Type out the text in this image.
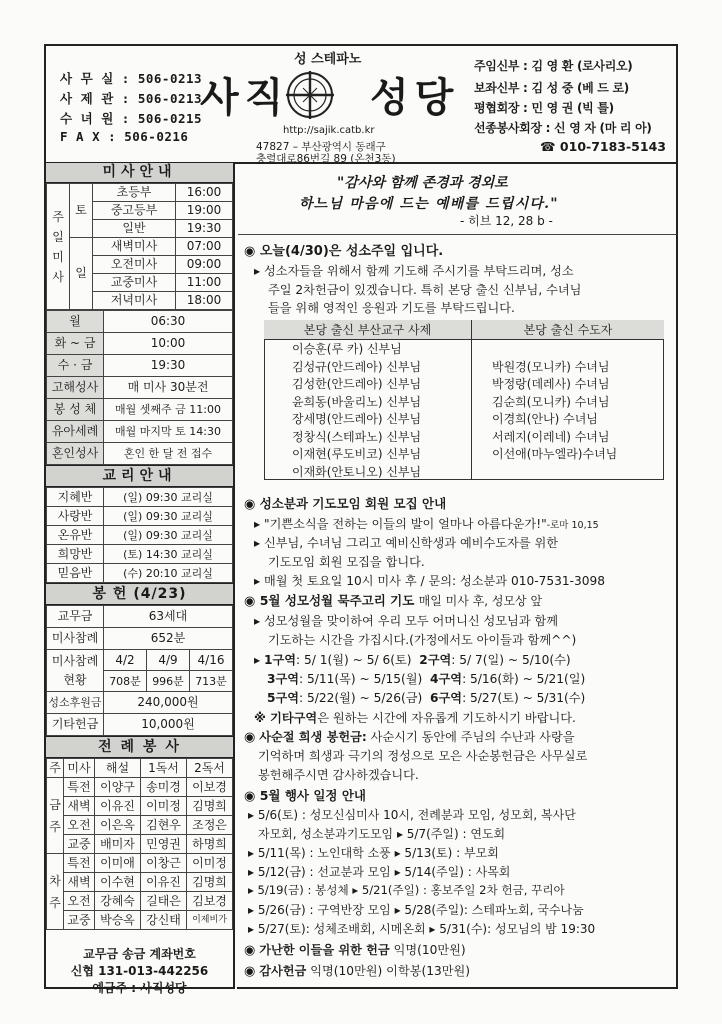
성 스테파노
사직 성당
http://sajik.catb.kr
47827 – 부산광역시 동래구
충렬대로86번길 89 (온천3동)
사 무 실 : 506-0213
사 제 관 : 506-0213
수 녀 원 : 506-0215
F A X : 506-0216
주임신부 : 김 영 환 (로사리오)
보좌신부 : 김 성 중 (베 드 로)
평협회장 : 민 영 권 (빅 틀)
선종봉사회장 : 신 영 자 (마 리 아)
☎ 010-7183-5143
미사안내
주 일 미 사	토	초등부	16:00
		중고등부	19:00
		일반	19:30
	일	새벽미사	07:00
		오전미사	09:00
		교중미사	11:00
		저녁미사	18:00
월	06:30
화 ~ 금	10:00
수 · 금	19:30
고해성사	매 미사 30분전
봉 성 체	매월 셋째주 금 11:00
유아세례	매월 마지막 토 14:30
혼인성사	혼인 한 달 전 접수
교리안내
지혜반	(일) 09:30 교리실
사랑반	(일) 09:30 교리실
온유반	(일) 09:30 교리실
희망반	(토) 14:30 교리실
믿음반	(수) 20:10 교리실
봉 헌 (4/23)
교무금	63세대		
미사참례	652분		
미사참례
현황	4/2	4/9	4/16
	708분	996분	713분
성소후원금	240,000원		
기타헌금	10,000원		
전 례 봉 사
주	미사	해설	1독서	2독서
금 주	특전	이양구	송미경	이보경
	새벽	이유진	이미정	김명희
	오전	이은옥	김현우	조정은
	교중	배미자	민영권	하명희
차 주	특전	이미애	이창근	이미정
	새벽	이수현	이유진	김명희
	오전	강혜숙	길태은	김보경
	교중	박승옥	강신태	이제비가
교무금 송금 계좌번호
신협 131-013-442256
예금주 : 사직성당
"감사와 함께 존경과 경외로
하느님 마음에 드는 예배를 드립시다."
- 히브 12, 28 b -
◉ 오늘(4/30)은 성소주일 입니다.
▸ 성소자들을 위해서 함께 기도해 주시기를 부탁드리며, 성소
주일 2차헌금이 있겠습니다. 특히 본당 출신 신부님, 수녀님
들을 위해 영적인 응원과 기도를 부탁드립니다.
본당 출신 부산교구 사제	본당 출신 수도자
이승훈(루 카) 신부님	
김성규(안드레아) 신부님	박원경(모니카) 수녀님
김성한(안드레아) 신부님	박정랑(데레사) 수녀님
윤희동(바울리노) 신부님	김순희(모니카) 수녀님
장세명(안드레아) 신부님	이경희(안나) 수녀님
정창식(스테파노) 신부님	서레지(이레네) 수녀님
이재현(루도비코) 신부님	이선애(마누엘라)수녀님
이재화(안토니오) 신부님	
◉ 성소분과 기도모임 회원 모집 안내
▸ "기쁜소식을 전하는 이들의 발이 얼마나 아름다운가!"-로마 10,15
▸ 신부님, 수녀님 그리고 예비신학생과 예비수도자를 위한
기도모임 회원 모집을 합니다.
▸ 매월 첫 토요일 10시 미사 후 / 문의: 성소분과 010-7531-3098
◉ 5월 성모성월 묵주고리 기도 매일 미사 후, 성모상 앞
▸ 성모성월을 맞이하여 우리 모두 어머니신 성모님과 함께
기도하는 시간을 가집시다.(가정에서도 아이들과 함께^^)
▸ 1구역: 5/ 1(월) ~ 5/ 6(토) 2구역: 5/ 7(일) ~ 5/10(수)
3구역: 5/11(목) ~ 5/15(월) 4구역: 5/16(화) ~ 5/21(일)
5구역: 5/22(월) ~ 5/26(금) 6구역: 5/27(토) ~ 5/31(수)
※ 기타구역은 원하는 시간에 자유롭게 기도하시기 바랍니다.
◉ 사순절 희생 봉헌금: 사순시기 동안에 주님의 수난과 사랑을
기억하며 희생과 극기의 정성으로 모은 사순봉헌금은 사무실로
봉헌해주시면 감사하겠습니다.
◉ 5월 행사 일정 안내
▸ 5/6(토) : 성모신심미사 10시, 전례분과 모임, 성모회, 복사단
자모회, 성소분과기도모임 ▸ 5/7(주일) : 연도회
▸ 5/11(목) : 노인대학 소풍 ▸ 5/13(토) : 부모회
▸ 5/12(금) : 선교분과 모임 ▸ 5/14(주일) : 사목회
▸ 5/19(금) : 봉성체 ▸ 5/21(주일) : 홍보주일 2차 헌금, 꾸리아
▸ 5/26(금) : 구역반장 모임 ▸ 5/28(주일): 스테파노회, 국수나눔
▸ 5/27(토): 성체조배회, 시메온회 ▸ 5/31(수): 성모님의 밤 19:30
◉ 가난한 이들을 위한 헌금 익명(10만원)
◉ 감사헌금 익명(10만원) 이학봉(13만원)
